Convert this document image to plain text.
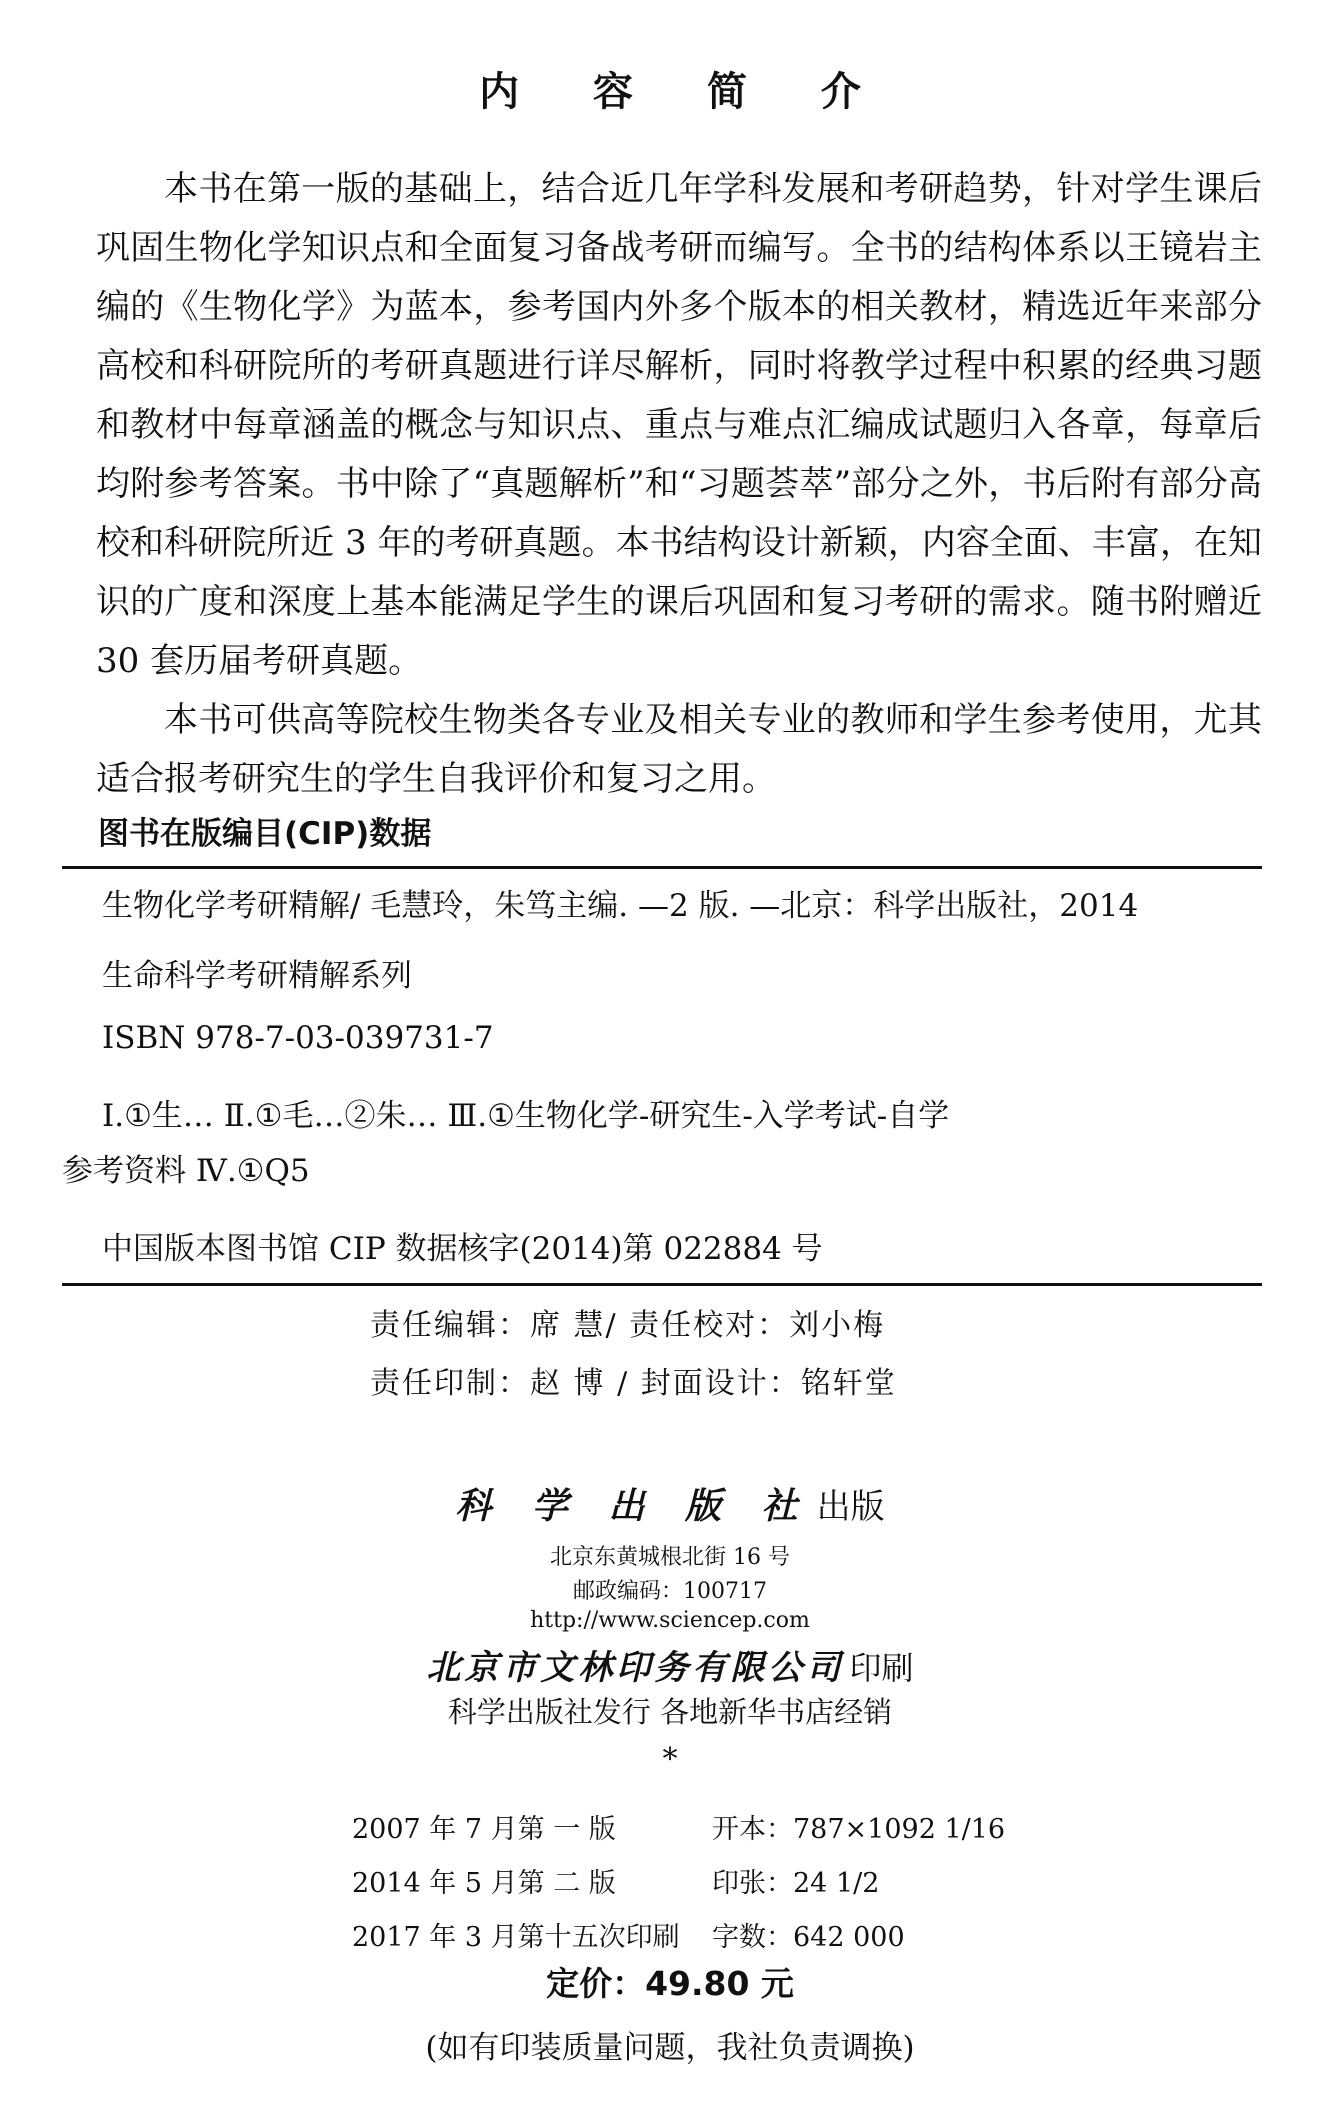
内 容 简 介

本书在第一版的基础上，结合近几年学科发展和考研趋势，针对学生课后巩固生物化学知识点和全面复习备战考研而编写。全书的结构体系以王镜岩主编的《生物化学》为蓝本，参考国内外多个版本的相关教材，精选近年来部分高校和科研院所的考研真题进行详尽解析，同时将教学过程中积累的经典习题和教材中每章涵盖的概念与知识点、重点与难点汇编成试题归入各章，每章后均附参考答案。书中除了“真题解析”和“习题荟萃”部分之外，书后附有部分高校和科研院所近 3 年的考研真题。本书结构设计新颖，内容全面、丰富，在知识的广度和深度上基本能满足学生的课后巩固和复习考研的需求。随书附赠近 30 套历届考研真题。

本书可供高等院校生物类各专业及相关专业的教师和学生参考使用，尤其适合报考研究生的学生自我评价和复习之用。

图书在版编目(CIP)数据
生物化学考研精解/ 毛慧玲，朱笃主编. —2 版. —北京：科学出版社，2014
生命科学考研精解系列
ISBN 978-7-03-039731-7
Ⅰ.①生… Ⅱ.①毛…②朱… Ⅲ.①生物化学-研究生-入学考试-自学
参考资料 Ⅳ.①Q5
中国版本图书馆 CIP 数据核字(2014)第 022884 号
责任编辑：席 慧/ 责任校对：刘小梅
责任印制：赵 博 / 封面设计：铭轩堂
科 学 出 版 社 出版
北京东黄城根北街 16 号
邮政编码：100717
http://www.sciencep.com
北京市文林印务有限公司 印刷
科学出版社发行 各地新华书店经销
*
2007 年 7 月第 一 版	开本：787×1092 1/16
2014 年 5 月第 二 版	印张：24 1/2
2017 年 3 月第十五次印刷 字数：642 000
定价：49.80 元
(如有印装质量问题，我社负责调换)
